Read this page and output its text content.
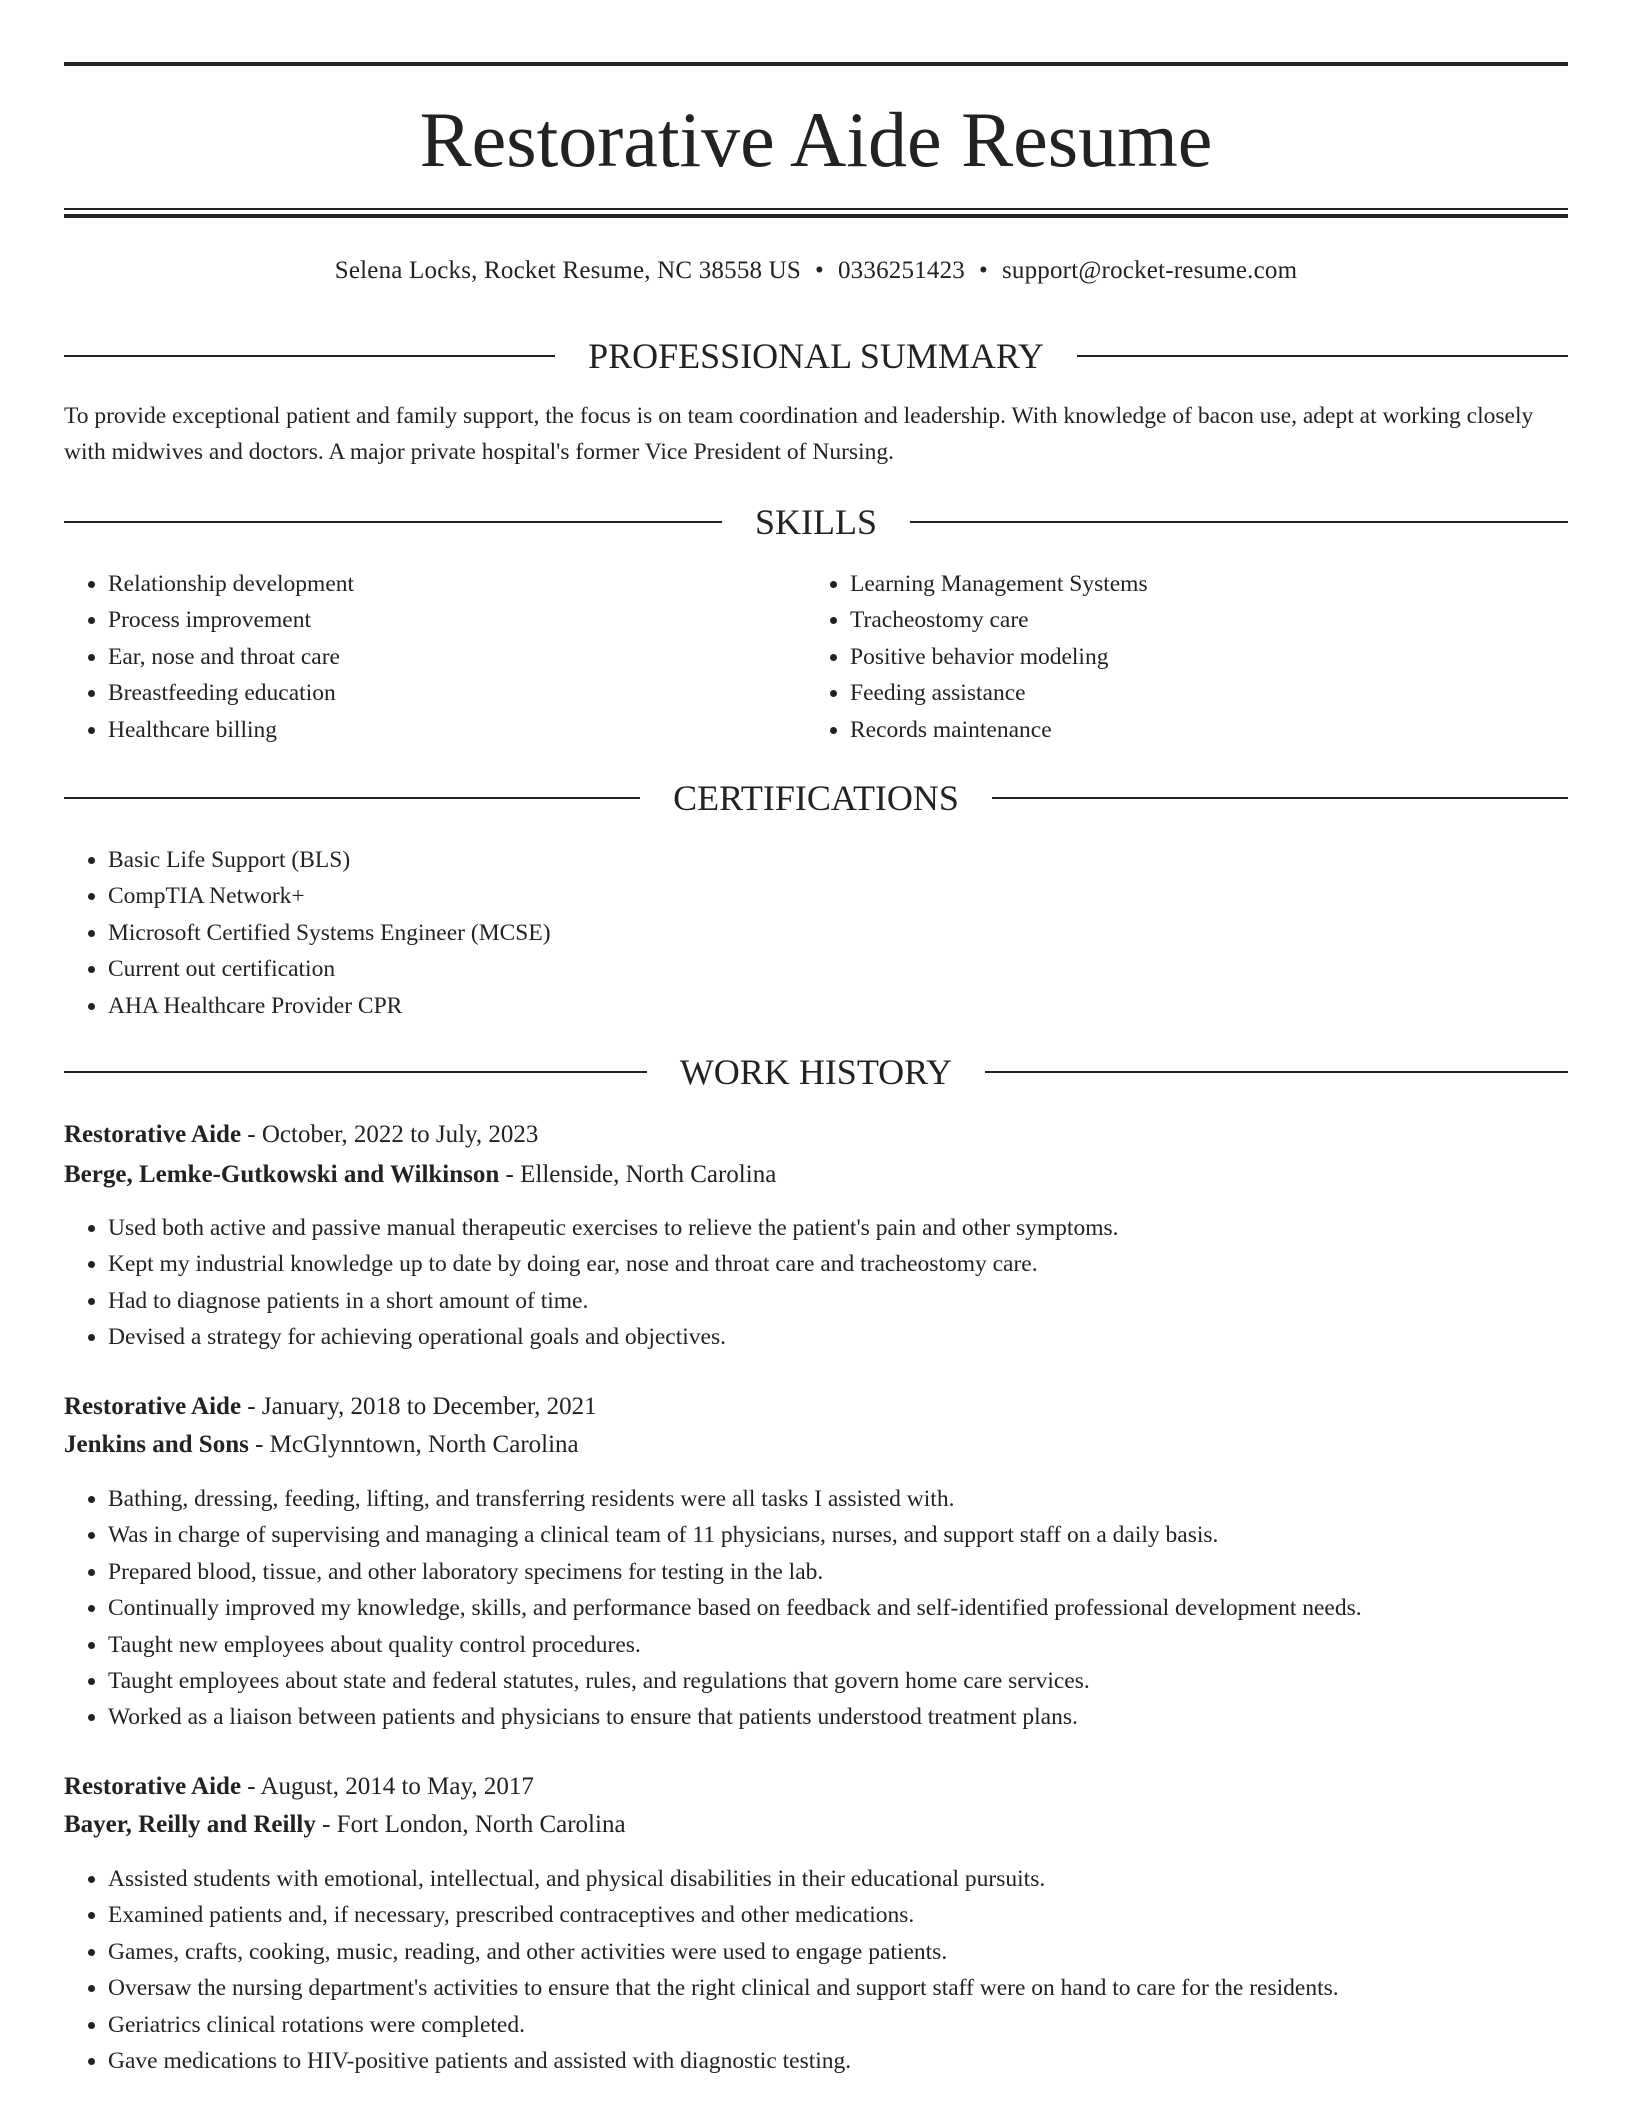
Restorative Aide Resume
Selena Locks, Rocket Resume, NC 38558 US • 0336251423 • support@rocket-resume.com
PROFESSIONAL SUMMARY

To provide exceptional patient and family support, the focus is on team coordination and leadership. With knowledge of bacon use, adept at working closely with midwives and doctors. A major private hospital's former Vice President of Nursing.

SKILLS
• Relationship development
• Process improvement
• Ear, nose and throat care
• Breastfeeding education
• Healthcare billing
• Learning Management Systems
• Tracheostomy care
• Positive behavior modeling
• Feeding assistance
• Records maintenance
CERTIFICATIONS
• Basic Life Support (BLS)
• CompTIA Network+
• Microsoft Certified Systems Engineer (MCSE)
• Current out certification
• AHA Healthcare Provider CPR
WORK HISTORY
Restorative Aide - October, 2022 to July, 2023
Berge, Lemke-Gutkowski and Wilkinson - Ellenside, North Carolina
• Used both active and passive manual therapeutic exercises to relieve the patient's pain and other symptoms.
• Kept my industrial knowledge up to date by doing ear, nose and throat care and tracheostomy care.
• Had to diagnose patients in a short amount of time.
• Devised a strategy for achieving operational goals and objectives.
Restorative Aide - January, 2018 to December, 2021
Jenkins and Sons - McGlynntown, North Carolina
• Bathing, dressing, feeding, lifting, and transferring residents were all tasks I assisted with.
• Was in charge of supervising and managing a clinical team of 11 physicians, nurses, and support staff on a daily basis.
• Prepared blood, tissue, and other laboratory specimens for testing in the lab.
• Continually improved my knowledge, skills, and performance based on feedback and self-identified professional development needs.
• Taught new employees about quality control procedures.
• Taught employees about state and federal statutes, rules, and regulations that govern home care services.
• Worked as a liaison between patients and physicians to ensure that patients understood treatment plans.
Restorative Aide - August, 2014 to May, 2017
Bayer, Reilly and Reilly - Fort London, North Carolina
• Assisted students with emotional, intellectual, and physical disabilities in their educational pursuits.
• Examined patients and, if necessary, prescribed contraceptives and other medications.
• Games, crafts, cooking, music, reading, and other activities were used to engage patients.
• Oversaw the nursing department's activities to ensure that the right clinical and support staff were on hand to care for the residents.
• Geriatrics clinical rotations were completed.
• Gave medications to HIV-positive patients and assisted with diagnostic testing.
